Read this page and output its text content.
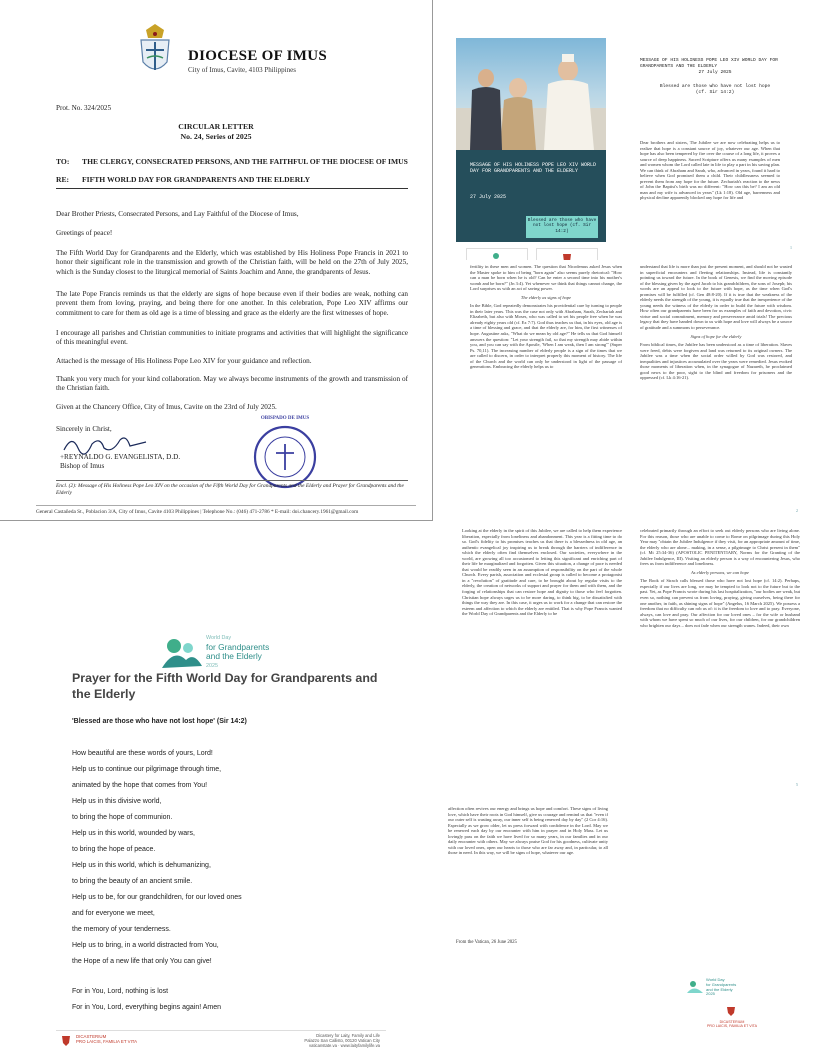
DIOCESE OF IMUS
City of Imus, Cavite, 4103 Philippines
Prot. No. 324/2025
CIRCULAR LETTER
No. 24, Series of 2025
TO:	THE CLERGY, CONSECRATED PERSONS, AND THE FAITHFUL OF THE DIOCESE OF IMUS
RE:	FIFTH WORLD DAY FOR GRANDPARENTS AND THE ELDERLY
Dear Brother Priests, Consecrated Persons, and Lay Faithful of the Diocese of Imus,
Greetings of peace!
The Fifth World Day for Grandparents and the Elderly, which was established by His Holiness Pope Francis in 2021 to honor their significant role in the transmission and growth of the Christian faith, will be held on the 27th of July 2025, which is the Sunday closest to the liturgical memorial of Saints Joachim and Anne, the grandparents of Jesus.
The late Pope Francis reminds us that the elderly are signs of hope because even if their bodies are weak, nothing can prevent them from loving, praying, and being there for one another. In this celebration, Pope Leo XIV affirms our commitment to care for them as old age is a time of blessing and grace as the elderly are the first witnesses of hope.
I encourage all parishes and Christian communities to initiate programs and activities that will highlight the significance of this meaningful event.
Attached is the message of His Holiness Pope Leo XIV for your guidance and reflection.
Thank you very much for your kind collaboration. May we always become instruments of the growth and transmission of the Christian faith.
Given at the Chancery Office, City of Imus, Cavite on the 23rd of July 2025.
Sincerely in Christ,
+REYNALDO G. EVANGELISTA, D.D.
Bishop of Imus
OBISPADO DE IMUS
Encl. (2): Message of His Holiness Pope Leo XIV on the occasion of the Fifth World Day for Grandparents and the Elderly and Prayer for Grandparents and the Elderly
General Castañeda St., Poblacion 3/A, City of Imus, Cavite 4103 Philippines | Telephone No.: (046) 471-2786 * E-mail: doi.chancery.1961@gmail.com
MESSAGE OF HIS HOLINESS POPE LEO XIV WORLD DAY FOR GRANDPARENTS AND THE ELDERLY
27 July 2025
Blessed are those who have not lost hope (cf. Sir 14:2)
MESSAGE OF HIS HOLINESS POPE LEO XIV WORLD DAY FOR GRANDPARENTS AND THE ELDERLY
27 July 2025
Blessed are those who have not lost hope
(cf. Sir 14:2)
Dear brothers and sisters, The Jubilee we are now celebrating helps us to realize that hope is a constant source of joy, whatever our age. When that hope has also been tempered by fire over the course of a long life, it proves a source of deep happiness. Sacred Scripture offers us many examples of men and women whom the Lord called late in life to play a part in his saving plan. We can think of Abraham and Sarah, who, advanced in years, found it hard to believe when God promised them a child. Their childlessness seemed to prevent them from any hope for the future. Zechariah's reaction to the news of John the Baptist's birth was no different: "How can this be? I am an old man and my wife is advanced in years" (Lk 1:18). Old age, barrenness and physical decline apparently blocked any hope for life and
1
fertility in these men and women. The question that Nicodemus asked Jesus when the Master spoke to him of being "born again" also seems purely rhetorical: "How can a man be born when he is old? Can he enter a second time into his mother's womb and be born?" (Jn 3:4). Yet whenever we think that things cannot change, the Lord surprises us with an act of saving power.
The elderly as signs of hope
In the Bible, God repeatedly demonstrates his providential care by turning to people in their later years. This was the case not only with Abraham, Sarah, Zechariah and Elizabeth, but also with Moses, who was called to set his people free when he was already eighty years old (cf. Ex 7:7). God thus teaches us that, in his eyes, old age is a time of blessing and grace, and that the elderly are, for him, the first witnesses of hope. Augustine asks, "What do we mean by old age?" He tells us that God himself answers the question: "Let your strength fail, so that my strength may abide within you, and you can say with the Apostle, 'When I am weak, then I am strong'" (Super Ps. 70,11). The increasing number of elderly people is a sign of the times that we are called to discern, in order to interpret properly this moment of history. The life of the Church and the world can only be understood in light of the passage of generations. Embracing the elderly helps us to
understand that life is more than just the present moment, and should not be wasted in superficial encounters and fleeting relationships. Instead, life is constantly pointing us toward the future. In the book of Genesis, we find the moving episode of the blessing given by the aged Jacob to his grandchildren, the sons of Joseph; his words are an appeal to look to the future with hope, as the time when God's promises will be fulfilled (cf. Gen 48:8-20). If it is true that the weakness of the elderly needs the strength of the young, it is equally true that the inexperience of the young needs the witness of the elderly in order to build the future with wisdom. How often our grandparents have been for us examples of faith and devotion, civic virtue and social commitment, memory and perseverance amid trials! The precious legacy that they have handed down to us with hope and love will always be a source of gratitude and a summons to perseverance.
Signs of hope for the elderly
From biblical times, the Jubilee has been understood as a time of liberation. Slaves were freed, debts were forgiven and land was returned to its original owners. The Jubilee was a time when the social order willed by God was restored, and inequalities and injustices accumulated over the years were remedied. Jesus evoked those moments of liberation when, in the synagogue of Nazareth, he proclaimed good news to the poor, sight to the blind and freedom for prisoners and the oppressed (cf. Lk 4:16-21).
2
World Day
for Grandparents
and the Elderly
2025
Prayer for the Fifth World Day for Grandparents and
the Elderly
'Blessed are those who have not lost hope' (Sir 14:2)
How beautiful are these words of yours, Lord!
Help us to continue our pilgrimage through time,
animated by the hope that comes from You!
Help us in this divisive world,
to bring the hope of communion.
Help us in this world, wounded by wars,
to bring the hope of peace.
Help us in this world, which is dehumanizing,
to bring the beauty of an ancient smile.
Help us to be, for our grandchildren, for our loved ones
and for everyone we meet,
the memory of your tenderness.
Help us to bring, in a world distracted from You,
the Hope of a new life that only You can give!
For in You, Lord, nothing is lost
For in You, Lord, everything begins again! Amen
DICASTERIUM
PRO LAICIS, FAMILIA ET VITA
Dicastery for Laity, Family and Life
Palazzo San Callisto, 00120 Vatican City
vaticanstate.va · www.laityfamilylife.va
Looking at the elderly in the spirit of this Jubilee, we are called to help them experience liberation, especially from loneliness and abandonment. This year is a fitting time to do so. God's fidelity to his promises teaches us that there is a blessedness in old age, an authentic evangelical joy inspiring us to break through the barriers of indifference in which the elderly often find themselves enclosed. Our societies, everywhere in the world, are growing all too accustomed to letting this significant and enriching part of their life be marginalized and forgotten. Given this situation, a change of pace is needed that would be readily seen in an assumption of responsibility on the part of the whole Church. Every parish, association and ecclesial group is called to become a protagonist in a "revolution" of gratitude and care, to be brought about by regular visits to the elderly, the creation of networks of support and prayer for them and with them, and the forging of relationships that can restore hope and dignity to those who feel forgotten. Christian hope always urges us to be more daring, to think big, to be dissatisfied with things the way they are. In this case, it urges us to work for a change that can restore the esteem and affection to which the elderly are entitled. That is why Pope Francis wanted the World Day of Grandparents and the Elderly to be
celebrated primarily through an effort to seek out elderly persons who are living alone. For this reason, those who are unable to come to Rome on pilgrimage during this Holy Year may "obtain the Jubilee Indulgence if they visit, for an appropriate amount of time, the elderly who are alone... making, in a sense, a pilgrimage to Christ present in them" (cf. Mt 25:34-36) (APOSTOLIC PENITENTIARY, Norms for the Granting of the Jubilee Indulgence, III). Visiting an elderly person is a way of encountering Jesus, who frees us from indifference and loneliness.
As elderly persons, we can hope
The Book of Sirach calls blessed those who have not lost hope (cf. 14:2). Perhaps, especially if our lives are long, we may be tempted to look not to the future but to the past. Yet, as Pope Francis wrote during his last hospitalization, "our bodies are weak, but even so, nothing can prevent us from loving, praying, giving ourselves, being there for one another, in faith, as shining signs of hope" (Angelus, 16 March 2025). We possess a freedom that no difficulty can rob us of: it is the freedom to love and to pray. Everyone, always, can love and pray. Our affection for our loved ones – for the wife or husband with whom we have spent so much of our lives, for our children, for our grandchildren who brighten our days – does not fade when our strength wanes. Indeed, their own
5
affection often revives our energy and brings us hope and comfort. These signs of living love, which have their roots in God himself, give us courage and remind us that "even if our outer self is wasting away, our inner self is being renewed day by day" (2 Cor 4:16). Especially as we grow older, let us press forward with confidence in the Lord. May we be renewed each day by our encounter with him in prayer and in Holy Mass. Let us lovingly pass on the faith we have lived for so many years, in our families and in our daily encounter with others. May we always praise God for his goodness, cultivate unity with our loved ones, open our hearts to those who are far away and, in particular, to all those in need. In this way, we will be signs of hope, whatever our age.
From the Vatican, 26 June 2025
World Day
for Grandparents
and the Elderly
2025
DICASTERIUM
PRO LAICIS, FAMILIA ET VITA
